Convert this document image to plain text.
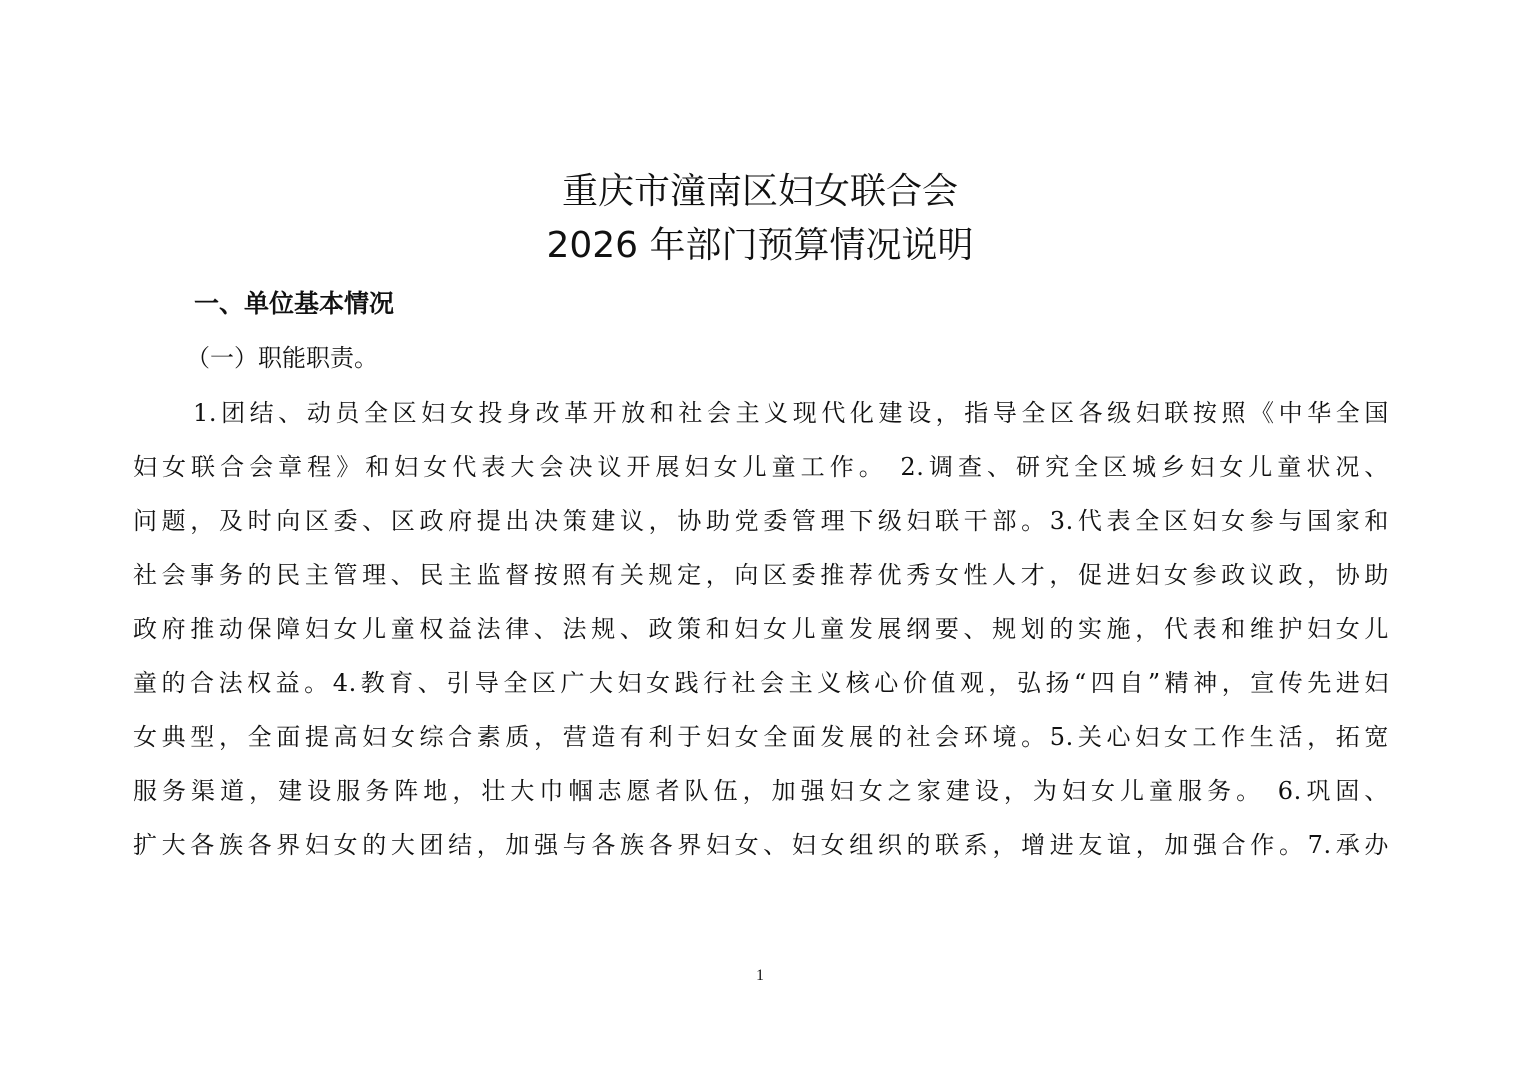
重庆市潼南区妇女联合会
2026 年部门预算情况说明
一、单位基本情况
（一）职能职责。
1.团结、动员全区妇女投身改革开放和社会主义现代化建设，指导全区各级妇联按照《中华全国
妇女联合会章程》和妇女代表大会决议开展妇女儿童工作。 2.调查、研究全区城乡妇女儿童状况、
问题，及时向区委、区政府提出决策建议，协助党委管理下级妇联干部。3.代表全区妇女参与国家和
社会事务的民主管理、民主监督按照有关规定，向区委推荐优秀女性人才，促进妇女参政议政，协助
政府推动保障妇女儿童权益法律、法规、政策和妇女儿童发展纲要、规划的实施，代表和维护妇女儿
童的合法权益。4.教育、引导全区广大妇女践行社会主义核心价值观，弘扬“四自”精神，宣传先进妇
女典型，全面提高妇女综合素质，营造有利于妇女全面发展的社会环境。5.关心妇女工作生活，拓宽
服务渠道，建设服务阵地，壮大巾帼志愿者队伍，加强妇女之家建设，为妇女儿童服务。 6.巩固、
扩大各族各界妇女的大团结，加强与各族各界妇女、妇女组织的联系，增进友谊，加强合作。7.承办
1
